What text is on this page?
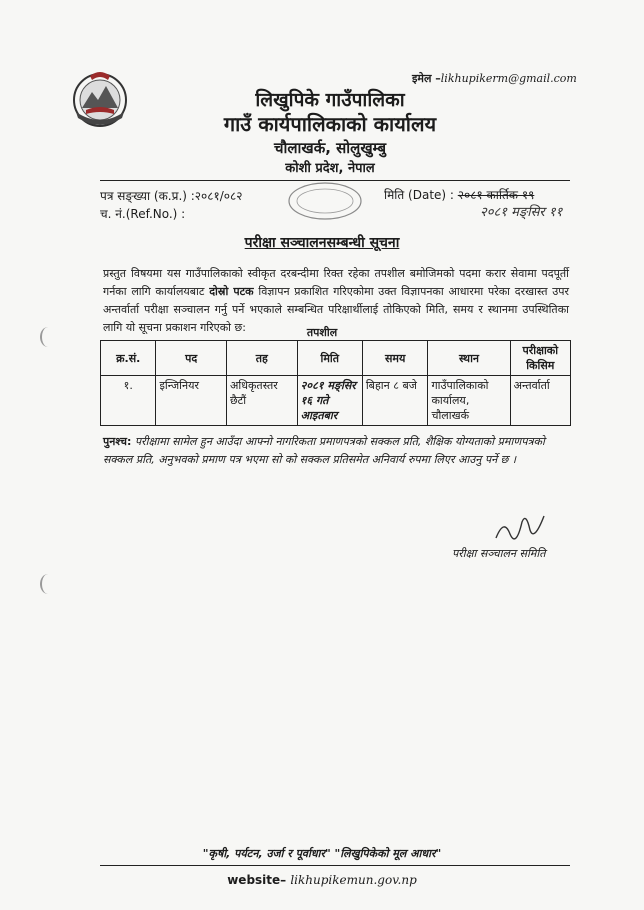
इमेल –likhupikerm@gmail.com
लिखुपिके गाउँपालिका
गाउँ कार्यपालिकाको कार्यालय
चौलाखर्क, सोलुखुम्बु
कोशी प्रदेश, नेपाल
पत्र सङ्ख्या (क.प्र.) :२०८१/०८२
च. नं.(Ref.No.) :
मिति (Date) : २०८१ कार्तिक १९
२०८१ मङ्सिर ११
परीक्षा सञ्चालनसम्बन्धी सूचना
प्रस्तुत विषयमा यस गाउँपालिकाको स्वीकृत दरबन्दीमा रिक्त रहेका तपशील बमोजिमको पदमा करार सेवामा पदपूर्ती गर्नका लागि कार्यालयबाट दोस्रो पटक विज्ञापन प्रकाशित गरिएकोमा उक्त विज्ञापनका आधारमा परेका दरखास्त उपर अन्तर्वार्ता परीक्षा सञ्चालन गर्नु पर्ने भएकाले सम्बन्धित परिक्षार्थीलाई तोकिएको मिति, समय र स्थानमा उपस्थितिका लागि यो सूचना प्रकाशन गरिएको छ:	तपशील
क्र.सं.	पद	तह	मिति	समय	स्थान	परीक्षाको किसिम
१.	इन्जिनियर	अधिकृतस्तर छैटौं	२०८१ मङ्सिर १६ गते आइतबार	बिहान ८ बजे	गाउँपालिकाको कार्यालय, चौलाखर्क	अन्तर्वार्ता
पुनश्च: परीक्षामा सामेल हुन आउँदा आफ्नो नागरिकता प्रमाणपत्रको सक्कल प्रति, शैक्षिक योग्यताको प्रमाणपत्रको सक्कल प्रति, अनुभवको प्रमाण पत्र भएमा सो को सक्कल प्रतिसमेत अनिवार्य रुपमा लिएर आउनु पर्ने छ ।
परीक्षा सञ्चालन समिति
"कृषी, पर्यटन, उर्जा र पूर्वाधार" "लिखुपिकेको मूल आधार"
website– likhupikemun.gov.np
